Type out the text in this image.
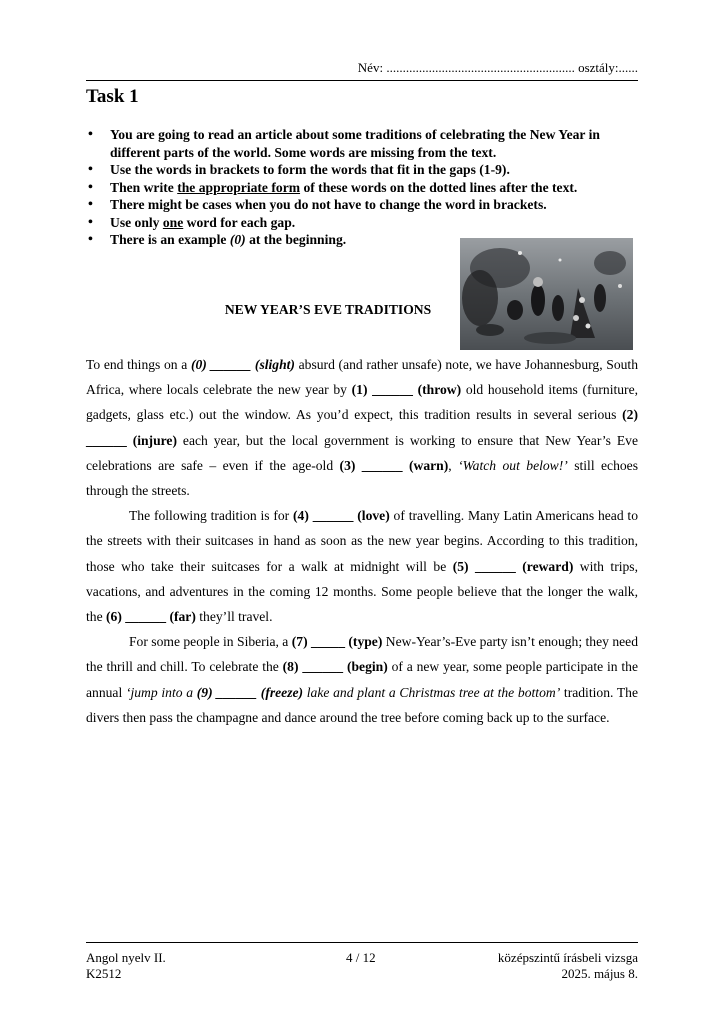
Név: .......................................................... osztály:......
Task 1
• You are going to read an article about some traditions of celebrating the New Year in different parts of the world. Some words are missing from the text.
• Use the words in brackets to form the words that fit in the gaps (1-9).
• Then write the appropriate form of these words on the dotted lines after the text.
• There might be cases when you do not have to change the word in brackets.
• Use only one word for each gap.
• There is an example (0) at the beginning.
NEW YEAR’S EVE TRADITIONS

To end things on a (0) ______ (slight) absurd (and rather unsafe) note, we have Johannesburg, South Africa, where locals celebrate the new year by (1) ______ (throw) old household items (furniture, gadgets, glass etc.) out the window. As you’d expect, this tradition results in several serious (2) ______ (injure) each year, but the local government is working to ensure that New Year’s Eve celebrations are safe – even if the age-old (3) ______ (warn), ‘Watch out below!’ still echoes through the streets.

The following tradition is for (4) ______ (love) of travelling. Many Latin Americans head to the streets with their suitcases in hand as soon as the new year begins. According to this tradition, those who take their suitcases for a walk at midnight will be (5) ______ (reward) with trips, vacations, and adventures in the coming 12 months. Some people believe that the longer the walk, the (6) ______ (far) they’ll travel.

For some people in Siberia, a (7) _____ (type) New-Year’s-Eve party isn’t enough; they need the thrill and chill. To celebrate the (8) ______ (begin) of a new year, some people participate in the annual ‘jump into a (9) ______ (freeze) lake and plant a Christmas tree at the bottom’ tradition. The divers then pass the champagne and dance around the tree before coming back up to the surface.

Angol nyelv II.
K2512
4 / 12	középszintű írásbeli vizsga
2025. május 8.
